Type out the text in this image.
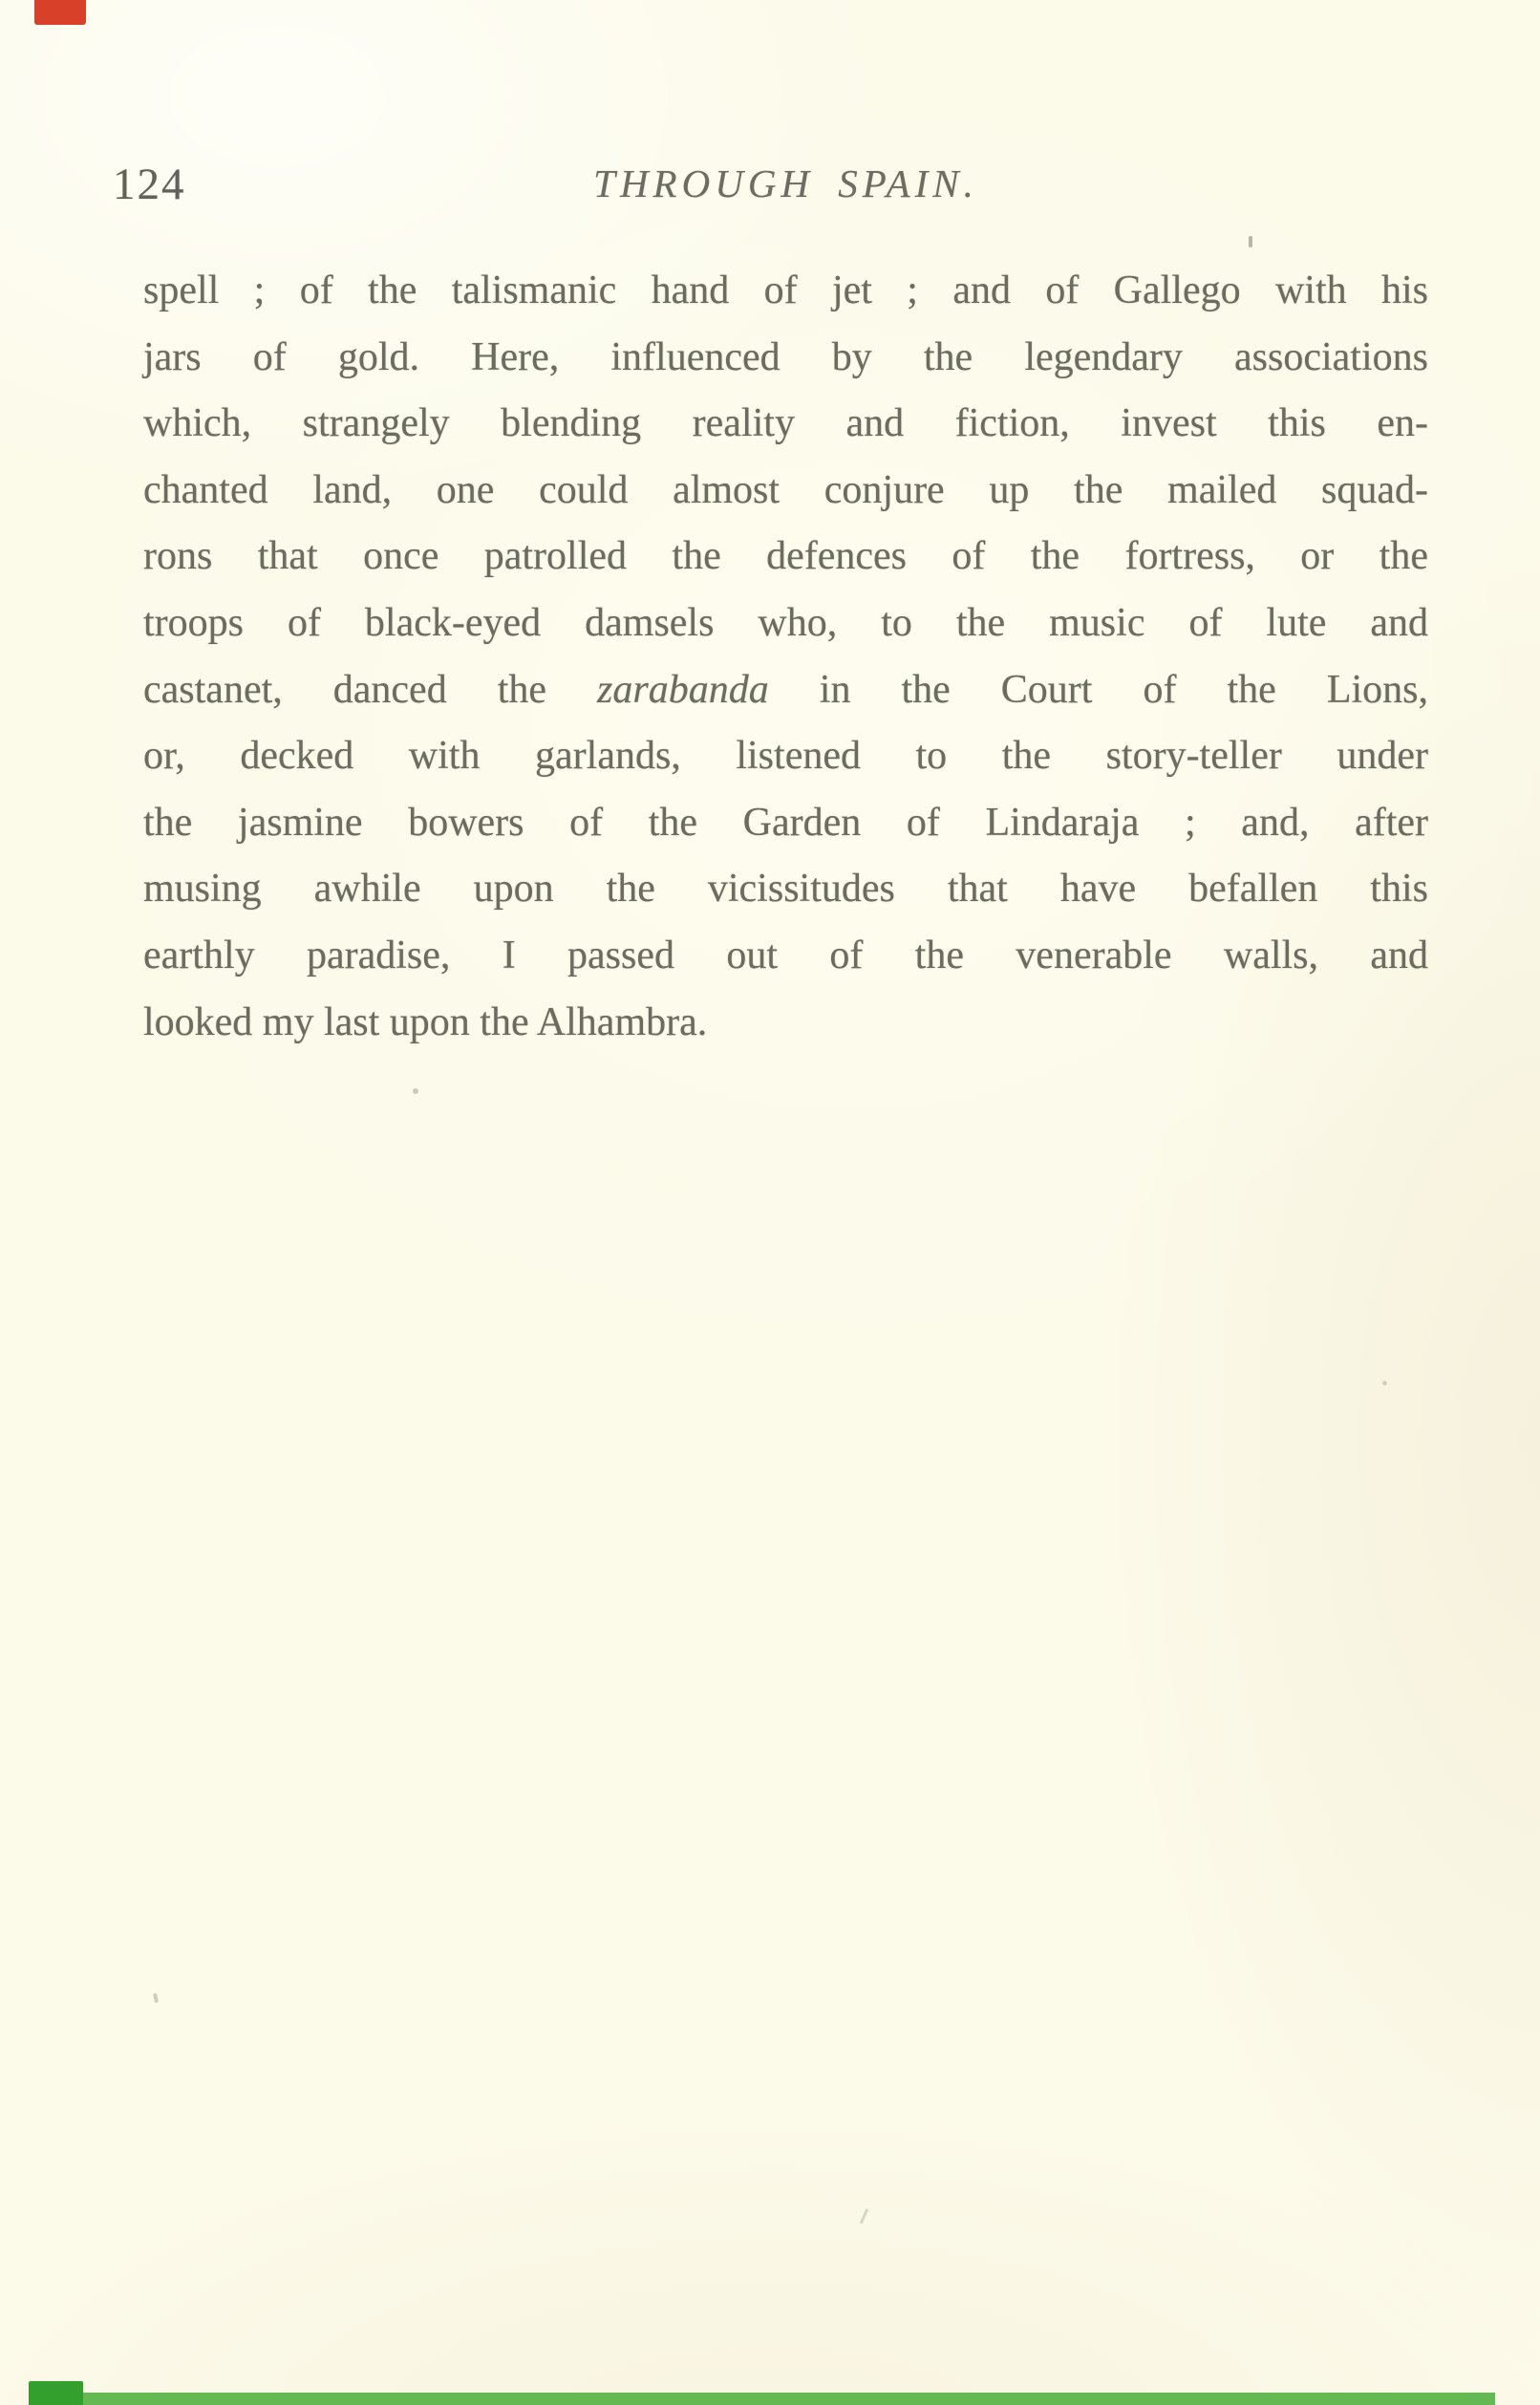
124	THROUGH SPAIN.
spell ; of the talismanic hand of jet ; and of Gallego with his
jars of gold. Here, influenced by the legendary associations
which, strangely blending reality and fiction, invest this en-
chanted land, one could almost conjure up the mailed squad-
rons that once patrolled the defences of the fortress, or the
troops of black-eyed damsels who, to the music of lute and
castanet, danced the zarabanda in the Court of the Lions,
or, decked with garlands, listened to the story-teller under
the jasmine bowers of the Garden of Lindaraja ; and, after
musing awhile upon the vicissitudes that have befallen this
earthly paradise, I passed out of the venerable walls, and
looked my last upon the Alhambra.
